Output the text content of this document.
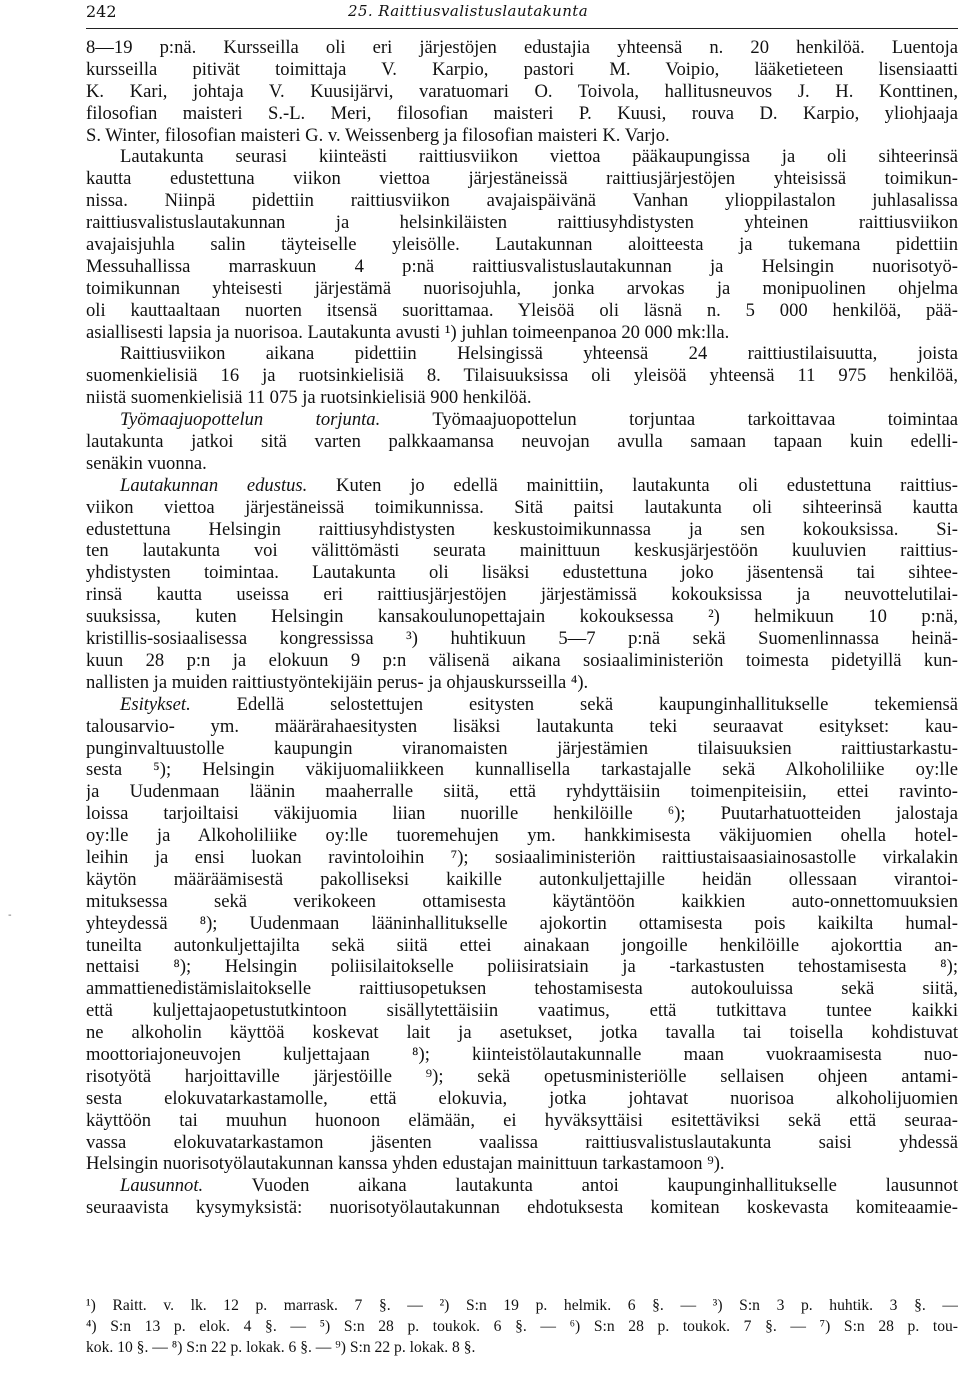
242	25. Raittiusvalistuslautakunta
8—19 p:nä. Kursseilla oli eri järjestöjen edustajia yhteensä n. 20 henkilöä. Luentoja
kursseilla pitivät toimittaja V. Karpio, pastori M. Voipio, lääketieteen lisensiaatti
K. Kari, johtaja V. Kuusijärvi, varatuomari O. Toivola, hallitusneuvos J. H. Konttinen,
filosofian maisteri S.-L. Meri, filosofian maisteri P. Kuusi, rouva D. Karpio, yliohjaaja
S. Winter, filosofian maisteri G. v. Weissenberg ja filosofian maisteri K. Varjo.
Lautakunta seurasi kiinteästi raittiusviikon viettoa pääkaupungissa ja oli sihteerinsä
kautta edustettuna viikon viettoa järjestäneissä raittiusjärjestöjen yhteisissä toimikun-
nissa. Niinpä pidettiin raittiusviikon avajaispäivänä Vanhan ylioppilastalon juhlasalissa
raittiusvalistuslautakunnan ja helsinkiläisten raittiusyhdistysten yhteinen raittiusviikon
avajaisjuhla salin täyteiselle yleisölle. Lautakunnan aloitteesta ja tukemana pidettiin
Messuhallissa marraskuun 4 p:nä raittiusvalistuslautakunnan ja Helsingin nuorisotyö-
toimikunnan yhteisesti järjestämä nuorisojuhla, jonka arvokas ja monipuolinen ohjelma
oli kauttaaltaan nuorten itsensä suorittamaa. Yleisöä oli läsnä n. 5 000 henkilöä, pää-
asiallisesti lapsia ja nuorisoa. Lautakunta avusti ¹) juhlan toimeenpanoa 20 000 mk:lla.
Raittiusviikon aikana pidettiin Helsingissä yhteensä 24 raittiustilaisuutta, joista
suomenkielisiä 16 ja ruotsinkielisiä 8. Tilaisuuksissa oli yleisöä yhteensä 11 975 henkilöä,
niistä suomenkielisiä 11 075 ja ruotsinkielisiä 900 henkilöä.
Työmaajuopottelun torjunta. Työmaajuopottelun torjuntaa tarkoittavaa toimintaa
lautakunta jatkoi sitä varten palkkaamansa neuvojan avulla samaan tapaan kuin edelli-
senäkin vuonna.
Lautakunnan edustus. Kuten jo edellä mainittiin, lautakunta oli edustettuna raittius-
viikon viettoa järjestäneissä toimikunnissa. Sitä paitsi lautakunta oli sihteerinsä kautta
edustettuna Helsingin raittiusyhdistysten keskustoimikunnassa ja sen kokouksissa. Si-
ten lautakunta voi välittömästi seurata mainittuun keskusjärjestöön kuuluvien raittius-
yhdistysten toimintaa. Lautakunta oli lisäksi edustettuna joko jäsentensä tai sihtee-
rinsä kautta useissa eri raittiusjärjestöjen järjestämissä kokouksissa ja neuvottelutilai-
suuksissa, kuten Helsingin kansakoulunopettajain kokouksessa ²) helmikuun 10 p:nä,
kristillis-sosiaalisessa kongressissa ³) huhtikuun 5—7 p:nä sekä Suomenlinnassa heinä-
kuun 28 p:n ja elokuun 9 p:n välisenä aikana sosiaaliministeriön toimesta pidetyillä kun-
nallisten ja muiden raittiustyöntekijäin perus- ja ohjauskursseilla ⁴).
Esitykset. Edellä selostettujen esitysten sekä kaupunginhallitukselle tekemiensä
talousarvio- ym. määrärahaesitysten lisäksi lautakunta teki seuraavat esitykset: kau-
punginvaltuustolle kaupungin viranomaisten järjestämien tilaisuuksien raittiustarkastu-
sesta ⁵); Helsingin väkijuomaliikkeen kunnallisella tarkastajalle sekä Alkoholiliike oy:lle
ja Uudenmaan läänin maaherralle siitä, että ryhdyttäisiin toimenpiteisiin, ettei ravinto-
loissa tarjoiltaisi väkijuomia liian nuorille henkilöille ⁶); Puutarhatuotteiden jalostaja
oy:lle ja Alkoholiliike oy:lle tuoremehujen ym. hankkimisesta väkijuomien ohella hotel-
leihin ja ensi luokan ravintoloihin ⁷); sosiaaliministeriön raittiustaisaasiainosastolle virkalakin
käytön määräämisestä pakolliseksi kaikille autonkuljettajille heidän ollessaan virantoi-
mituksessa sekä verikokeen ottamisesta käytäntöön kaikkien auto-onnettomuuksien
yhteydessä ⁸); Uudenmaan lääninhallitukselle ajokortin ottamisesta pois kaikilta humal-
tuneilta autonkuljettajilta sekä siitä ettei ainakaan jongoille henkilöille ajokorttia an-
nettaisi ⁸); Helsingin poliisilaitokselle poliisiratsiain ja -tarkastusten tehostamisesta ⁸);
ammattienedistämislaitokselle raittiusopetuksen tehostamisesta autokouluissa sekä siitä,
että kuljettajaopetustutkintoon sisällytettäisiin vaatimus, että tutkittava tuntee kaikki
ne alkoholin käyttöä koskevat lait ja asetukset, jotka tavalla tai toisella kohdistuvat
moottoriajoneuvojen kuljettajaan ⁸); kiinteistölautakunnalle maan vuokraamisesta nuo-
risotyötä harjoittaville järjestöille ⁹); sekä opetusministeriölle sellaisen ohjeen antami-
sesta elokuvatarkastamolle, että elokuvia, jotka johtavat nuorisoa alkoholijuomien
käyttöön tai muuhun huonoon elämään, ei hyväksyttäisi esitettäviksi sekä että seuraa-
vassa elokuvatarkastamon jäsenten vaalissa raittiusvalistuslautakunta saisi yhdessä
Helsingin nuorisotyölautakunnan kanssa yhden edustajan mainittuun tarkastamoon ⁹).
Lausunnot. Vuoden aikana lautakunta antoi kaupunginhallitukselle lausunnot
seuraavista kysymyksistä: nuorisotyölautakunnan ehdotuksesta komitean koskevasta komiteaamie-
¹) Raitt. v. lk. 12 p. marrask. 7 §. — ²) S:n 19 p. helmik. 6 §. — ³) S:n 3 p. huhtik. 3 §. —
⁴) S:n 13 p. elok. 4 §. — ⁵) S:n 28 p. toukok. 6 §. — ⁶) S:n 28 p. toukok. 7 §. — ⁷) S:n 28 p. tou-
kok. 10 §. — ⁸) S:n 22 p. lokak. 6 §. — ⁹) S:n 22 p. lokak. 8 §.
-
